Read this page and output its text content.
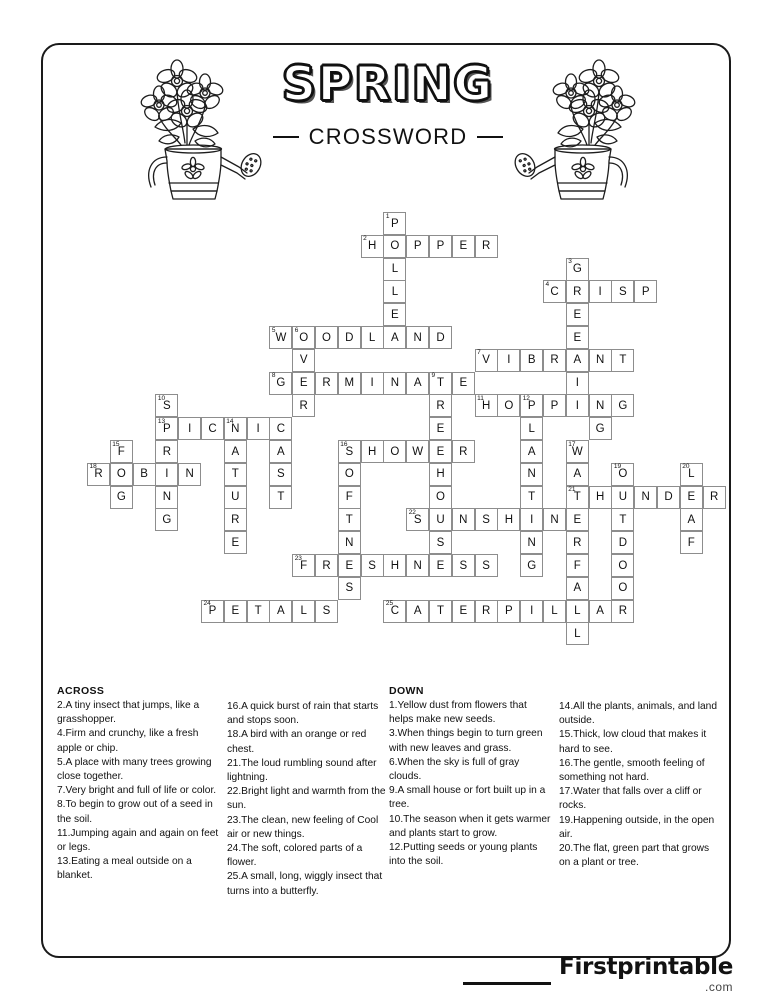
SPRING
CROSSWORD
1
P
2
H	O	P	P	E	R
L
3
G
L
4
C	R	I	S	P
E	E
5
W
6
O	O	D	L	A	N	D	E
V
7
V	I	B	R	A	N	T
8
G	E	R	M	I	N	A
9
T	E	I
10
S	R	R
11
H	O
12
P	P	I	N	G
13
P	I	C
14
N	I	C	E	L	G
15
F	R	A	A
16
S	H	O	W	E	R	A
17
W
18
R	O	B	I	N	T	S	O	H	N	A
19
O
20
L
G	N	U	T	F	O	T
21
T	H	U	N	D	E	R
G	R	T
22
S	U	N	S	H	I	N	E	T	A
E	N	S	N	R	D	F
23
F	R	E	S	H	N	E	S	S	G	F	O
S	A	O
24
P	E	T	A	L	S
25
C	A	T	E	R	P	I	L	L	A	R
L
ACROSS
2.A tiny insect that jumps, like a grasshopper.
4.Firm and crunchy, like a fresh apple or chip.
5.A place with many trees growing close together.
7.Very bright and full of life or color.
8.To begin to grow out of a seed in the soil.
11.Jumping again and again on feet or legs.
13.Eating a meal outside on a blanket.
16.A quick burst of rain that starts and stops soon.
18.A bird with an orange or red chest.
21.The loud rumbling sound after lightning.
22.Bright light and warmth from the sun.
23.The clean, new feeling of Cool air or new things.
24.The soft, colored parts of a flower.
25.A small, long, wiggly insect that turns into a butterfly.
DOWN
1.Yellow dust from flowers that helps make new seeds.
3.When things begin to turn green with new leaves and grass.
6.When the sky is full of gray clouds.
9.A small house or fort built up in a tree.
10.The season when it gets warmer and plants start to grow.
12.Putting seeds or young plants into the soil.
14.All the plants, animals, and land outside.
15.Thick, low cloud that makes it hard to see.
16.The gentle, smooth feeling of something not hard.
17.Water that falls over a cliff or rocks.
19.Happening outside, in the open air.
20.The flat, green part that grows on a plant or tree.
Firstprintable
.com
